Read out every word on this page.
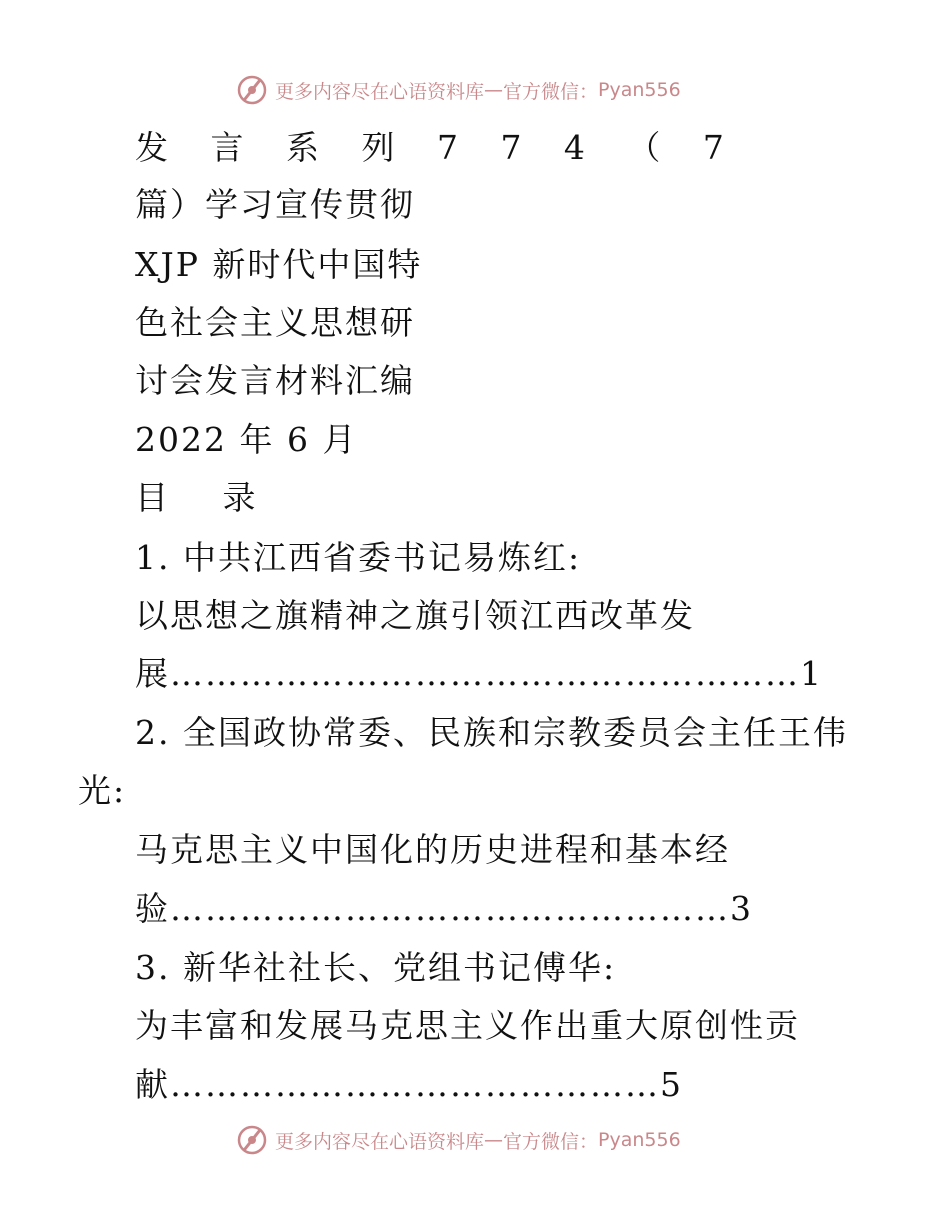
更多内容尽在心语资料库 — 官方微信： Pyan556
发 言 系 列 7 7 4 （ 7
篇）学习宣传贯彻
XJP 新时代中国特
色社会主义思想研
讨会发言材料汇编
2022 年 6 月
目 录
1. 中共江西省委书记易炼红:
以思想之旗精神之旗引领江西改革发
展………………………………………………1
2. 全国政协常委、民族和宗教委员会主任王伟
光:
马克思主义中国化的历史进程和基本经
验…………………………………………3
3. 新华社社长、党组书记傅华:
为丰富和发展马克思主义作出重大原创性贡
献……………………………………5
更多内容尽在心语资料库 — 官方微信： Pyan556
